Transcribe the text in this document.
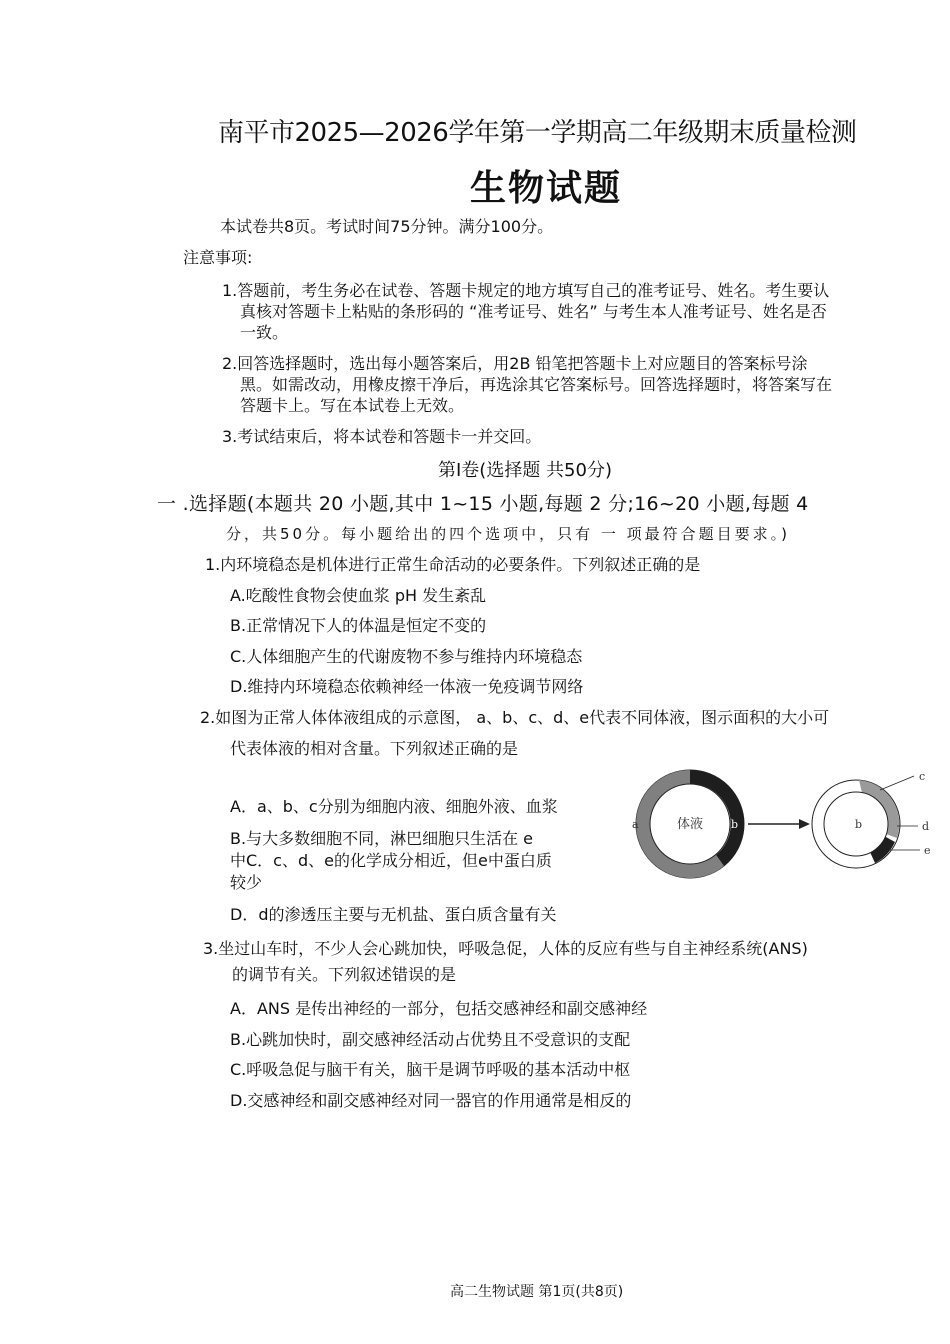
南平市2025—2026学年第一学期高二年级期末质量检测
生物试题
本试卷共8页。考试时间75分钟。满分100分。
注意事项:
1.答题前，考生务必在试卷、答题卡规定的地方填写自己的准考证号、姓名。考生要认
真核对答题卡上粘贴的条形码的 “准考证号、姓名” 与考生本人准考证号、姓名是否
一致。
2.回答选择题时，选出每小题答案后，用2B 铅笔把答题卡上对应题目的答案标号涂
黑。如需改动，用橡皮擦干净后，再选涂其它答案标号。回答选择题时，将答案写在
答题卡上。写在本试卷上无效。
3.考试结束后，将本试卷和答题卡一并交回。
第Ⅰ卷(选择题 共50分)
一 .选择题(本题共 20 小题,其中 1~15 小题,每题 2 分;16~20 小题,每题 4
分，共50分。每小题给出的四个选项中，只有 一 项最符合题目要求。)
1.内环境稳态是机体进行正常生命活动的必要条件。下列叙述正确的是
A.吃酸性食物会使血浆 pH 发生紊乱
B.正常情况下人的体温是恒定不变的
C.人体细胞产生的代谢废物不参与维持内环境稳态
D.维持内环境稳态依赖神经一体液一免疫调节网络
2.如图为正常人体体液组成的示意图， a、b、c、d、e代表不同体液，图示面积的大小可
代表体液的相对含量。下列叙述正确的是
A．a、b、c分别为细胞内液、细胞外液、血浆
B.与大多数细胞不同，淋巴细胞只生活在 e
中C．c、d、e的化学成分相近，但e中蛋白质
较少
D．d的渗透压主要与无机盐、蛋白质含量有关
体液
a	b	b
c
d
e
3.坐过山车时，不少人会心跳加快，呼吸急促，人体的反应有些与自主神经系统(ANS)
的调节有关。下列叙述错误的是
A．ANS 是传出神经的一部分，包括交感神经和副交感神经
B.心跳加快时，副交感神经活动占优势且不受意识的支配
C.呼吸急促与脑干有关，脑干是调节呼吸的基本活动中枢
D.交感神经和副交感神经对同一器官的作用通常是相反的
高二生物试题 第1页(共8页)
